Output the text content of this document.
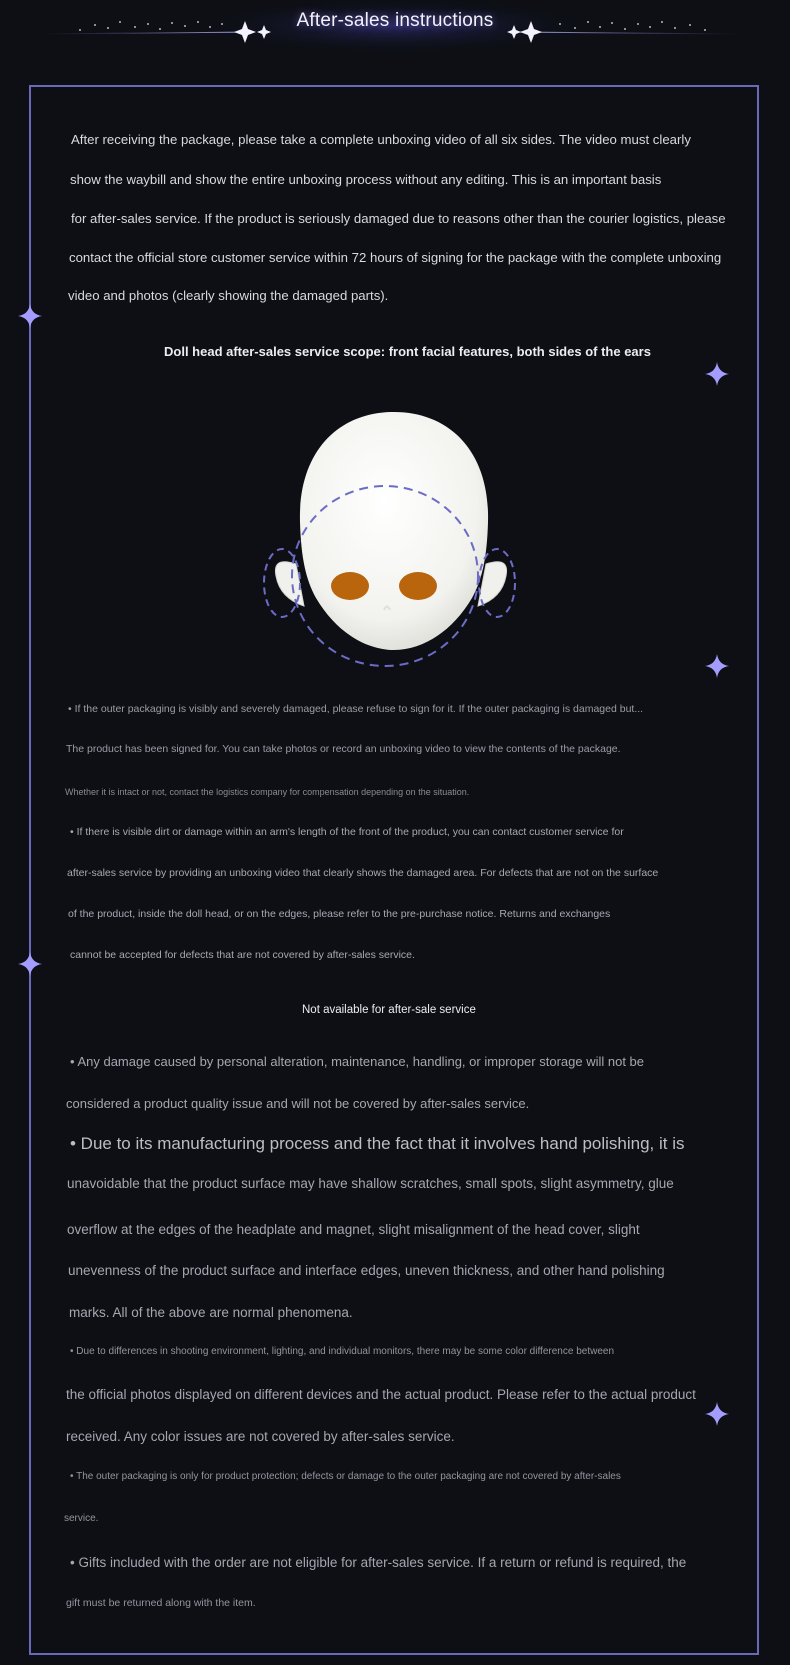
After-sales instructions
After receiving the package, please take a complete unboxing video of all six sides. The video must clearly
show the waybill and show the entire unboxing process without any editing. This is an important basis
for after-sales service. If the product is seriously damaged due to reasons other than the courier logistics, please
contact the official store customer service within 72 hours of signing for the package with the complete unboxing
video and photos (clearly showing the damaged parts).
Doll head after-sales service scope: front facial features, both sides of the ears
• If the outer packaging is visibly and severely damaged, please refuse to sign for it. If the outer packaging is damaged but...
The product has been signed for. You can take photos or record an unboxing video to view the contents of the package.
Whether it is intact or not, contact the logistics company for compensation depending on the situation.
• If there is visible dirt or damage within an arm's length of the front of the product, you can contact customer service for
after-sales service by providing an unboxing video that clearly shows the damaged area. For defects that are not on the surface
of the product, inside the doll head, or on the edges, please refer to the pre-purchase notice. Returns and exchanges
cannot be accepted for defects that are not covered by after-sales service.
Not available for after-sale service
• Any damage caused by personal alteration, maintenance, handling, or improper storage will not be
considered a product quality issue and will not be covered by after-sales service.
• Due to its manufacturing process and the fact that it involves hand polishing, it is
unavoidable that the product surface may have shallow scratches, small spots, slight asymmetry, glue
overflow at the edges of the headplate and magnet, slight misalignment of the head cover, slight
unevenness of the product surface and interface edges, uneven thickness, and other hand polishing
marks. All of the above are normal phenomena.
• Due to differences in shooting environment, lighting, and individual monitors, there may be some color difference between
the official photos displayed on different devices and the actual product. Please refer to the actual product
received. Any color issues are not covered by after-sales service.
• The outer packaging is only for product protection; defects or damage to the outer packaging are not covered by after-sales
service.
• Gifts included with the order are not eligible for after-sales service. If a return or refund is required, the
gift must be returned along with the item.
